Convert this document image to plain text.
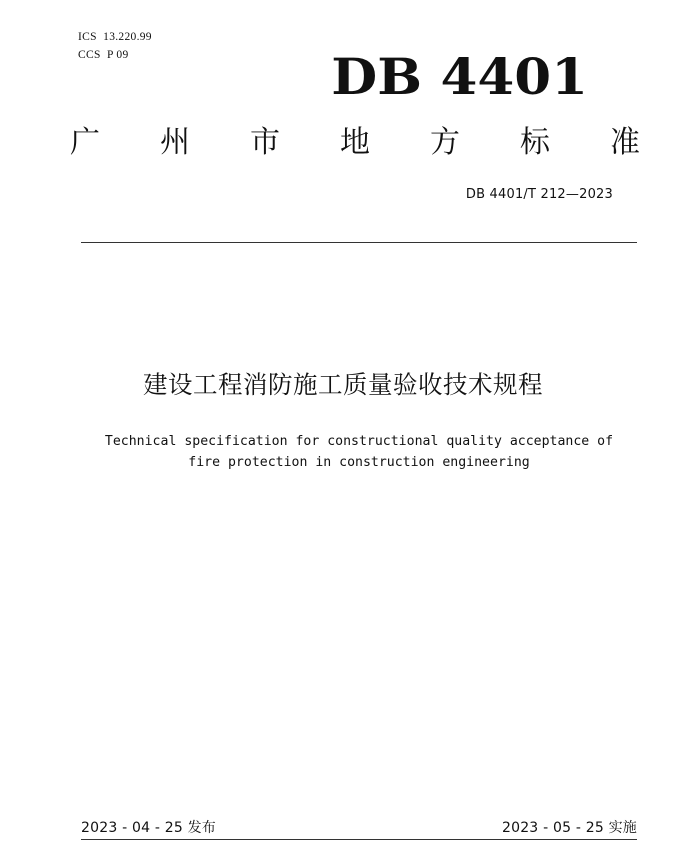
ICS  13.220.99
CCS  P 09	DB 4401
广 州 市 地 方 标 准
DB 4401/T 212—2023
建设工程消防施工质量验收技术规程
Technical specification for constructional quality acceptance of
fire protection in construction engineering
2023 - 04 - 25 发布	2023 - 05 - 25 实施
